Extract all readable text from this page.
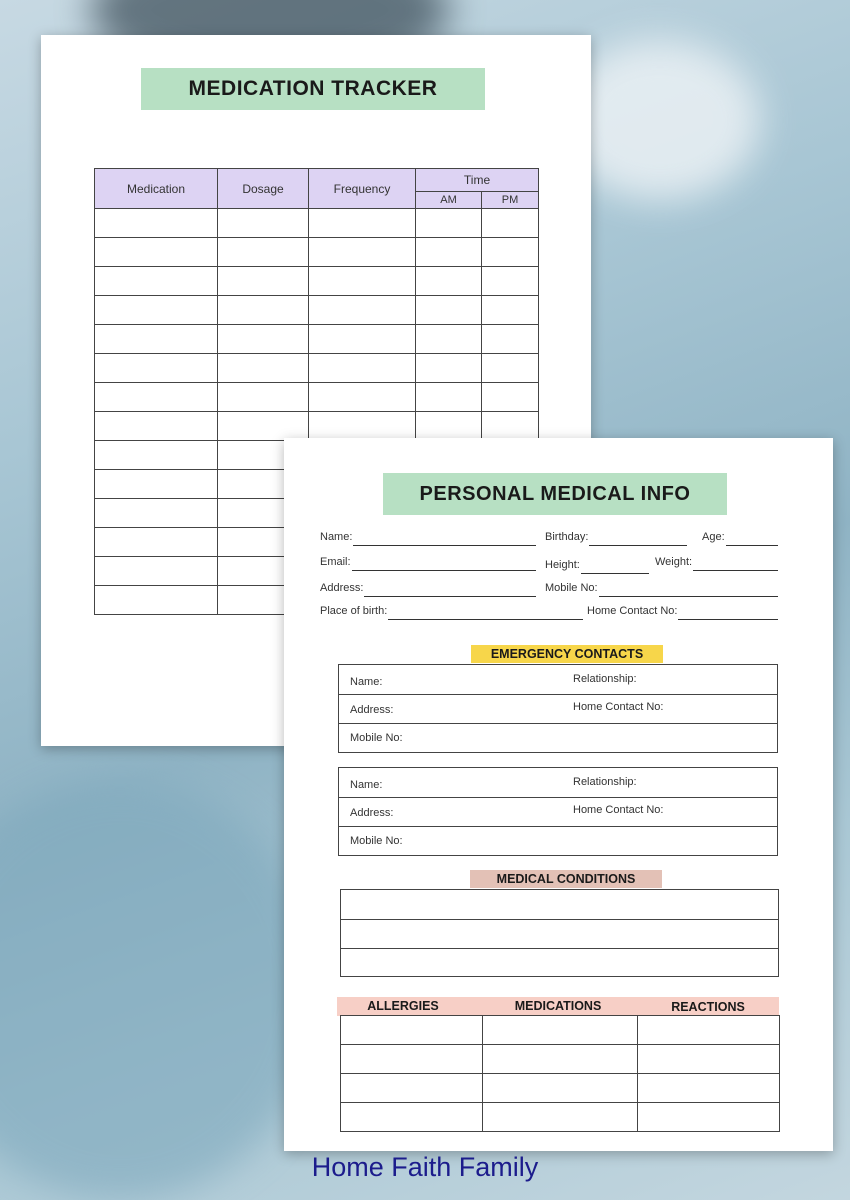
MEDICATION TRACKER
Medication	Dosage	Frequency	Time	
			AM	PM

PERSONAL MEDICAL INFO
Name:	Birthday:	Age:
Email:	Height:	Weight:
Address:	Mobile No:
Place of birth:	Home Contact No:
EMERGENCY CONTACTS
Name:	Relationship:
Address:	Home Contact No:
Mobile No:
Name:	Relationship:
Address:	Home Contact No:
Mobile No:
MEDICAL CONDITIONS
ALLERGIES	MEDICATIONS	REACTIONS

Home Faith Family
